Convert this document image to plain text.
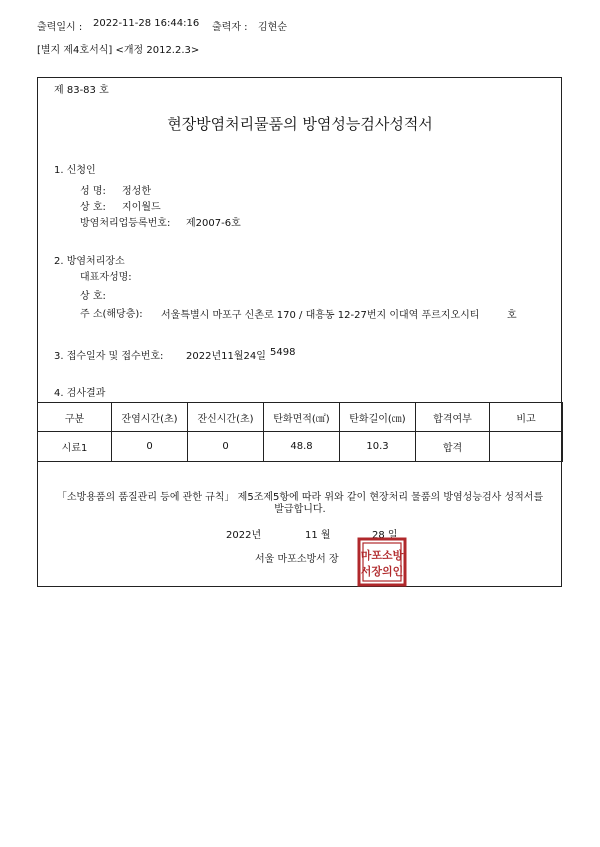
출력일시 : 2022-11-28 16:44:16 출력자 : 김현순
[별지 제4호서식] <개정 2012.2.3>
제 83-83 호
현장방염처리물품의 방염성능검사성적서
1. 신청인
성 명: 정성한
상 호: 지이월드
방염처리업등록번호: 제2007-6호
2. 방염처리장소
대표자성명:
상 호:
주 소(해당층): 서울특별시 마포구 신촌로 170 / 대흥동 12-27번지 이대역 푸르지오시티	호
3. 접수일자 및 접수번호: 2022년11월24일 5498
4. 검사결과
구분	잔염시간(초)	잔신시간(초)	탄화면적(㎠)	탄화길이(㎝)	합격여부	비고
시료1	0	0	48.8	10.3	합격	
「소방용품의 품질관리 등에 관한 규칙」 제5조제5항에 따라 위와 같이 현장처리 물품의 방염성능검사 성적서를
발급합니다.
2022년	11 월	28 일
서울 마포소방서 장 마포소방
서장의인
